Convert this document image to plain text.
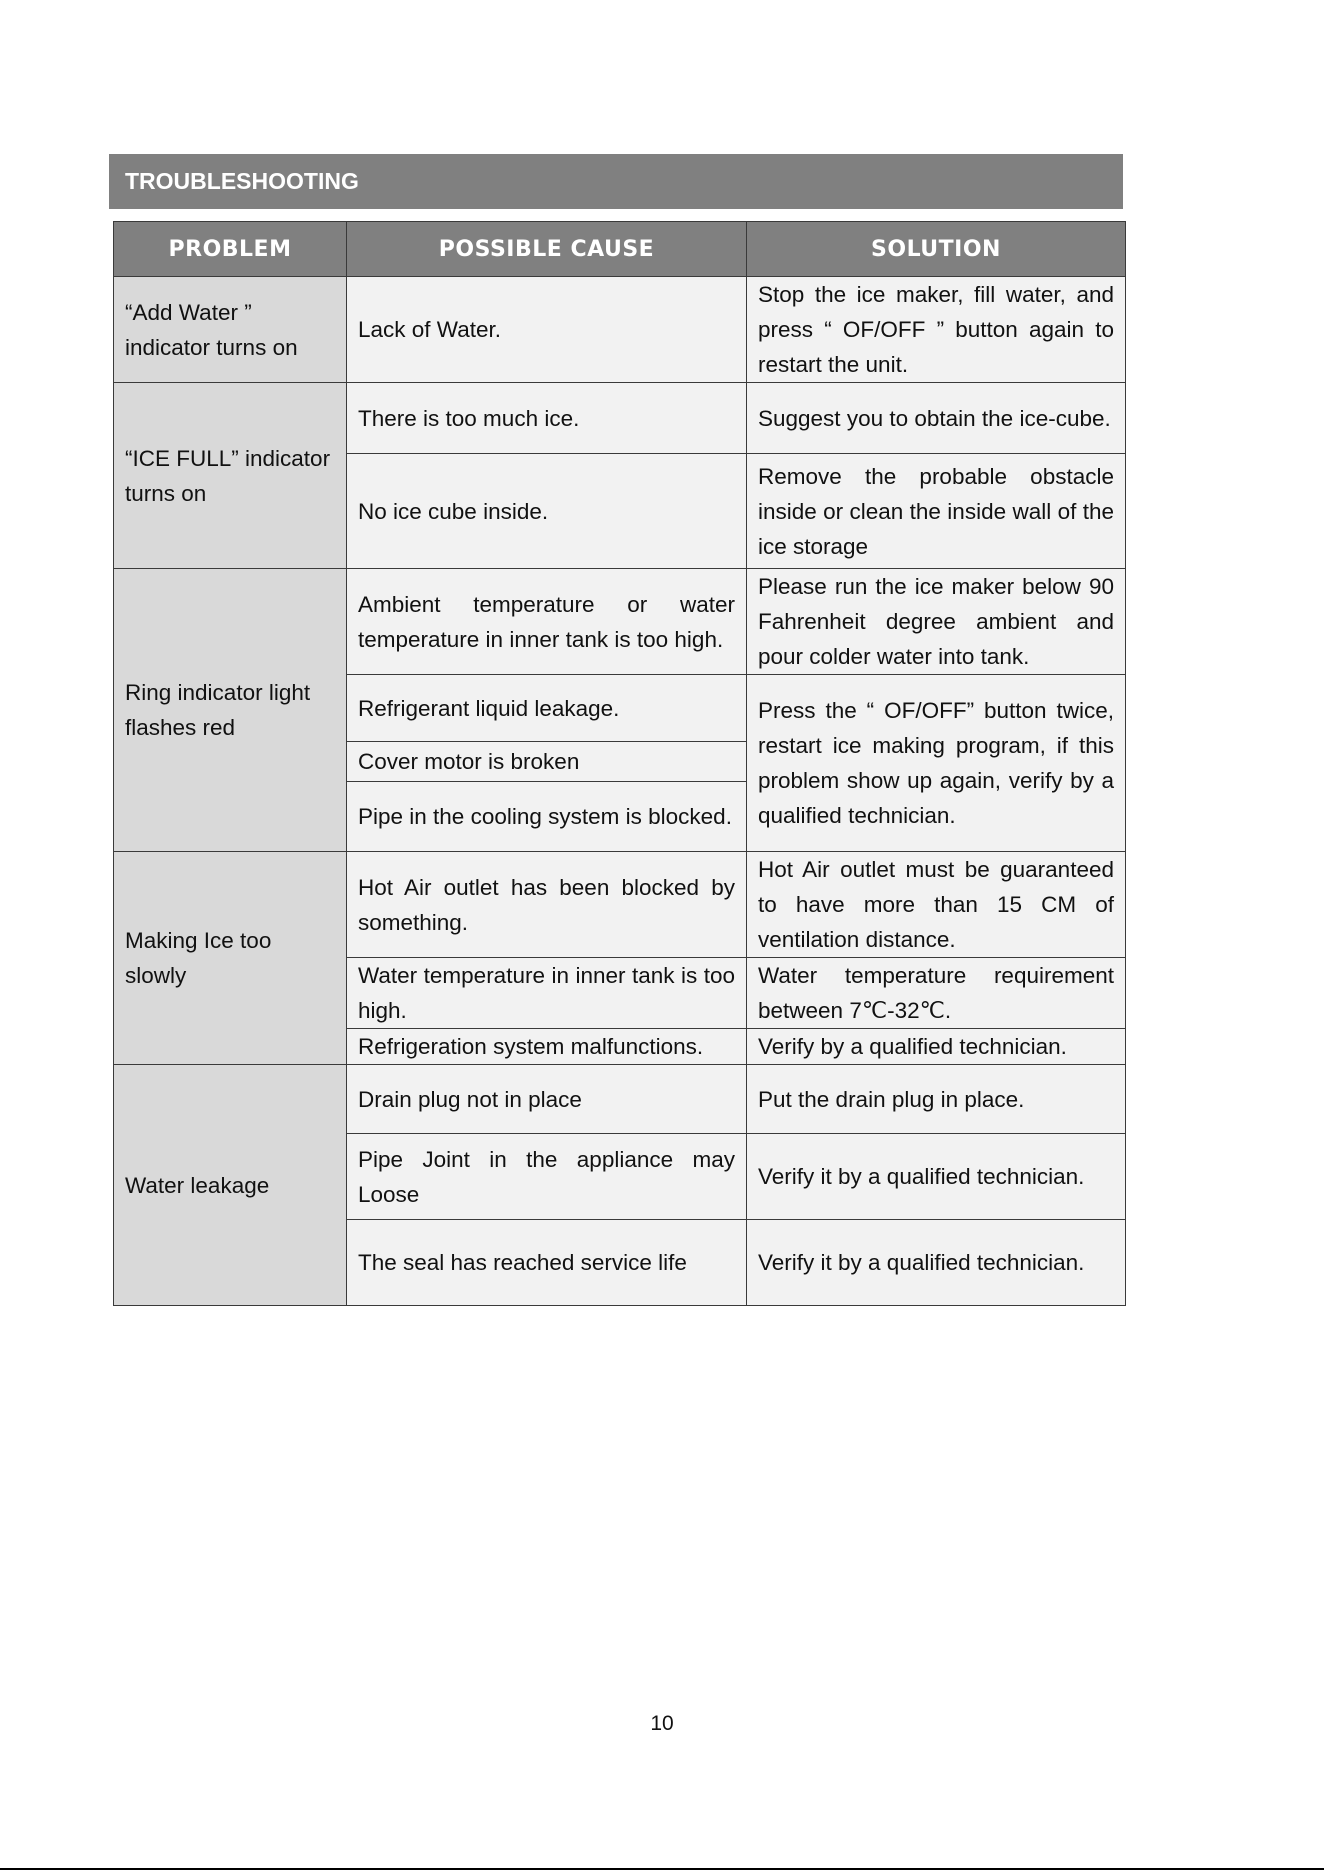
TROUBLESHOOTING
PROBLEM	POSSIBLE CAUSE	SOLUTION
“Add Water ” indicator turns on	Lack of Water.	Stop the ice maker, fill water, and press “ OF/OFF ” button again to restart the unit.
“ICE FULL” indicator turns on	There is too much ice.	Suggest you to obtain the ice-cube.
	No ice cube inside.	Remove the probable obstacle inside or clean the inside wall of the ice storage
Ring indicator light flashes red	Ambient temperature or water temperature in inner tank is too high.	Please run the ice maker below 90 Fahrenheit degree ambient and pour colder water into tank.
	Refrigerant liquid leakage.	Press the “ OF/OFF” button twice, restart ice making program, if this problem show up again, verify by a qualified technician.
	Cover motor is broken	
	Pipe in the cooling system is blocked.	
Making Ice too slowly	Hot Air outlet has been blocked by something.	Hot Air outlet must be guaranteed to have more than 15 CM of ventilation distance.
	Water temperature in inner tank is too high.	Water temperature requirement between 7℃-32℃.
	Refrigeration system malfunctions.	Verify by a qualified technician.
Water leakage	Drain plug not in place	Put the drain plug in place.
	Pipe Joint in the appliance may Loose	Verify it by a qualified technician.
	The seal has reached service life	Verify it by a qualified technician.
10
